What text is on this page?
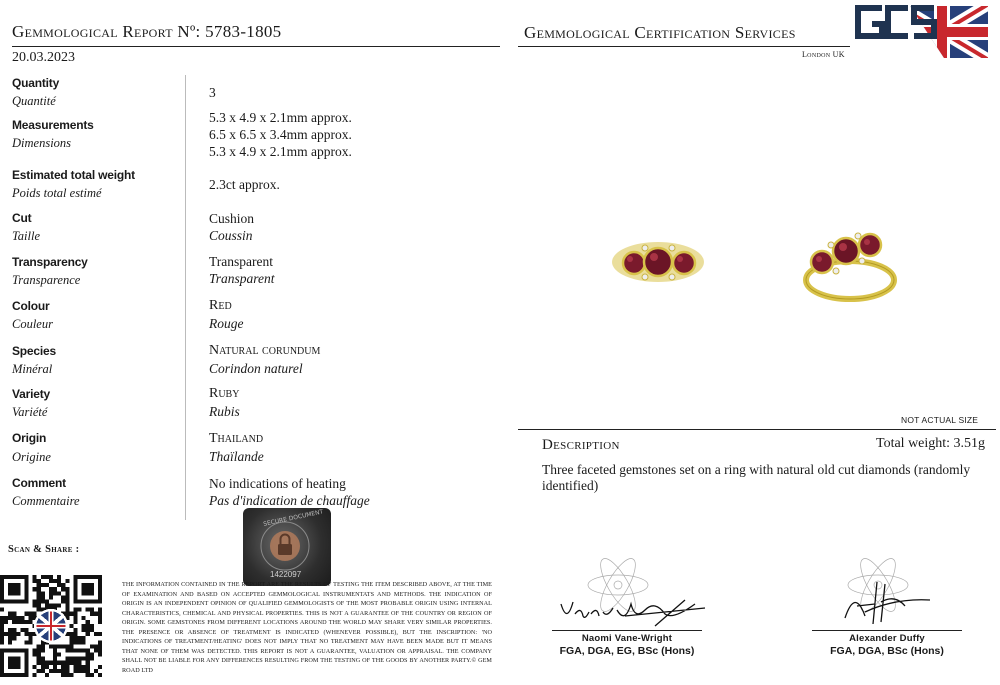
Gemmological Report Nº: 5783-1805
20.03.2023
Gemmological Certification Services
London UK
Quantity
Quantité
3
Measurements
Dimensions
5.3 x 4.9 x 2.1mm approx.
6.5 x 6.5 x 3.4mm approx.
5.3 x 4.9 x 2.1mm approx.
Estimated total weight
Poids total estimé
2.3ct approx.
Cut
Taille
Cushion
Coussin
Transparency
Transparence
Transparent
Transparent
Colour
Couleur
Red
Rouge
Species
Minéral
Natural corundum
Corindon naturel
Variety
Variété
Ruby
Rubis
Origin
Origine
Thailand
Thaïlande
Comment
Commentaire
No indications of heating
Pas d'indication de chauffage
NOT ACTUAL SIZE
Description	Total weight: 3.51g
Three faceted gemstones set on a ring with natural old cut diamonds (randomly identified)
Scan & Share :
SECURE DOCUMENT
1422097
THE INFORMATION CONTAINED IN THE REPORT ARE THE RESULTS OF TESTING THE ITEM DESCRIBED ABOVE, AT THE TIME OF EXAMINATION AND BASED ON ACCEPTED GEMMOLOGICAL INSTRUMENTATS AND METHODS. THE INDICATION OF ORIGIN IS AN INDEPENDENT OPINION OF QUALIFIED GEMMOLOGISTS OF THE MOST PROBABLE ORIGIN USING INTERNAL CHARACTERISTICS, CHEMICAL AND PHYSICAL PROPERTIES. THIS IS NOT A GUARANTEE OF THE COUNTRY OR REGION OF ORIGIN. SOME GEMSTONES FROM DIFFERENT LOCATIONS AROUND THE WORLD MAY SHARE VERY SIMILAR PROPERTIES. THE PRESENCE OR ABSENCE OF TREATMENT IS INDICATED (WHENEVER POSSIBLE), BUT THE INSCRIPTION: 'NO INDICATIONS OF TREATMENT/HEATING' DOES NOT IMPLY THAT NO TREATMENT MAY HAVE BEEN MADE BUT IT MEANS THAT NONE OF THEM WAS DETECTED. THIS REPORT IS NOT A GUARANTEE, VALUATION OR APPRAISAL. THE COMPANY SHALL NOT BE LIABLE FOR ANY DIFFERENCES RESULTING FROM THE TESTING OF THE GOODS BY ANOTHER PARTY.© GEM ROAD LTD
Naomi Vane-Wright
FGA, DGA, EG, BSc (Hons)
Alexander Duffy
FGA, DGA, BSc (Hons)
